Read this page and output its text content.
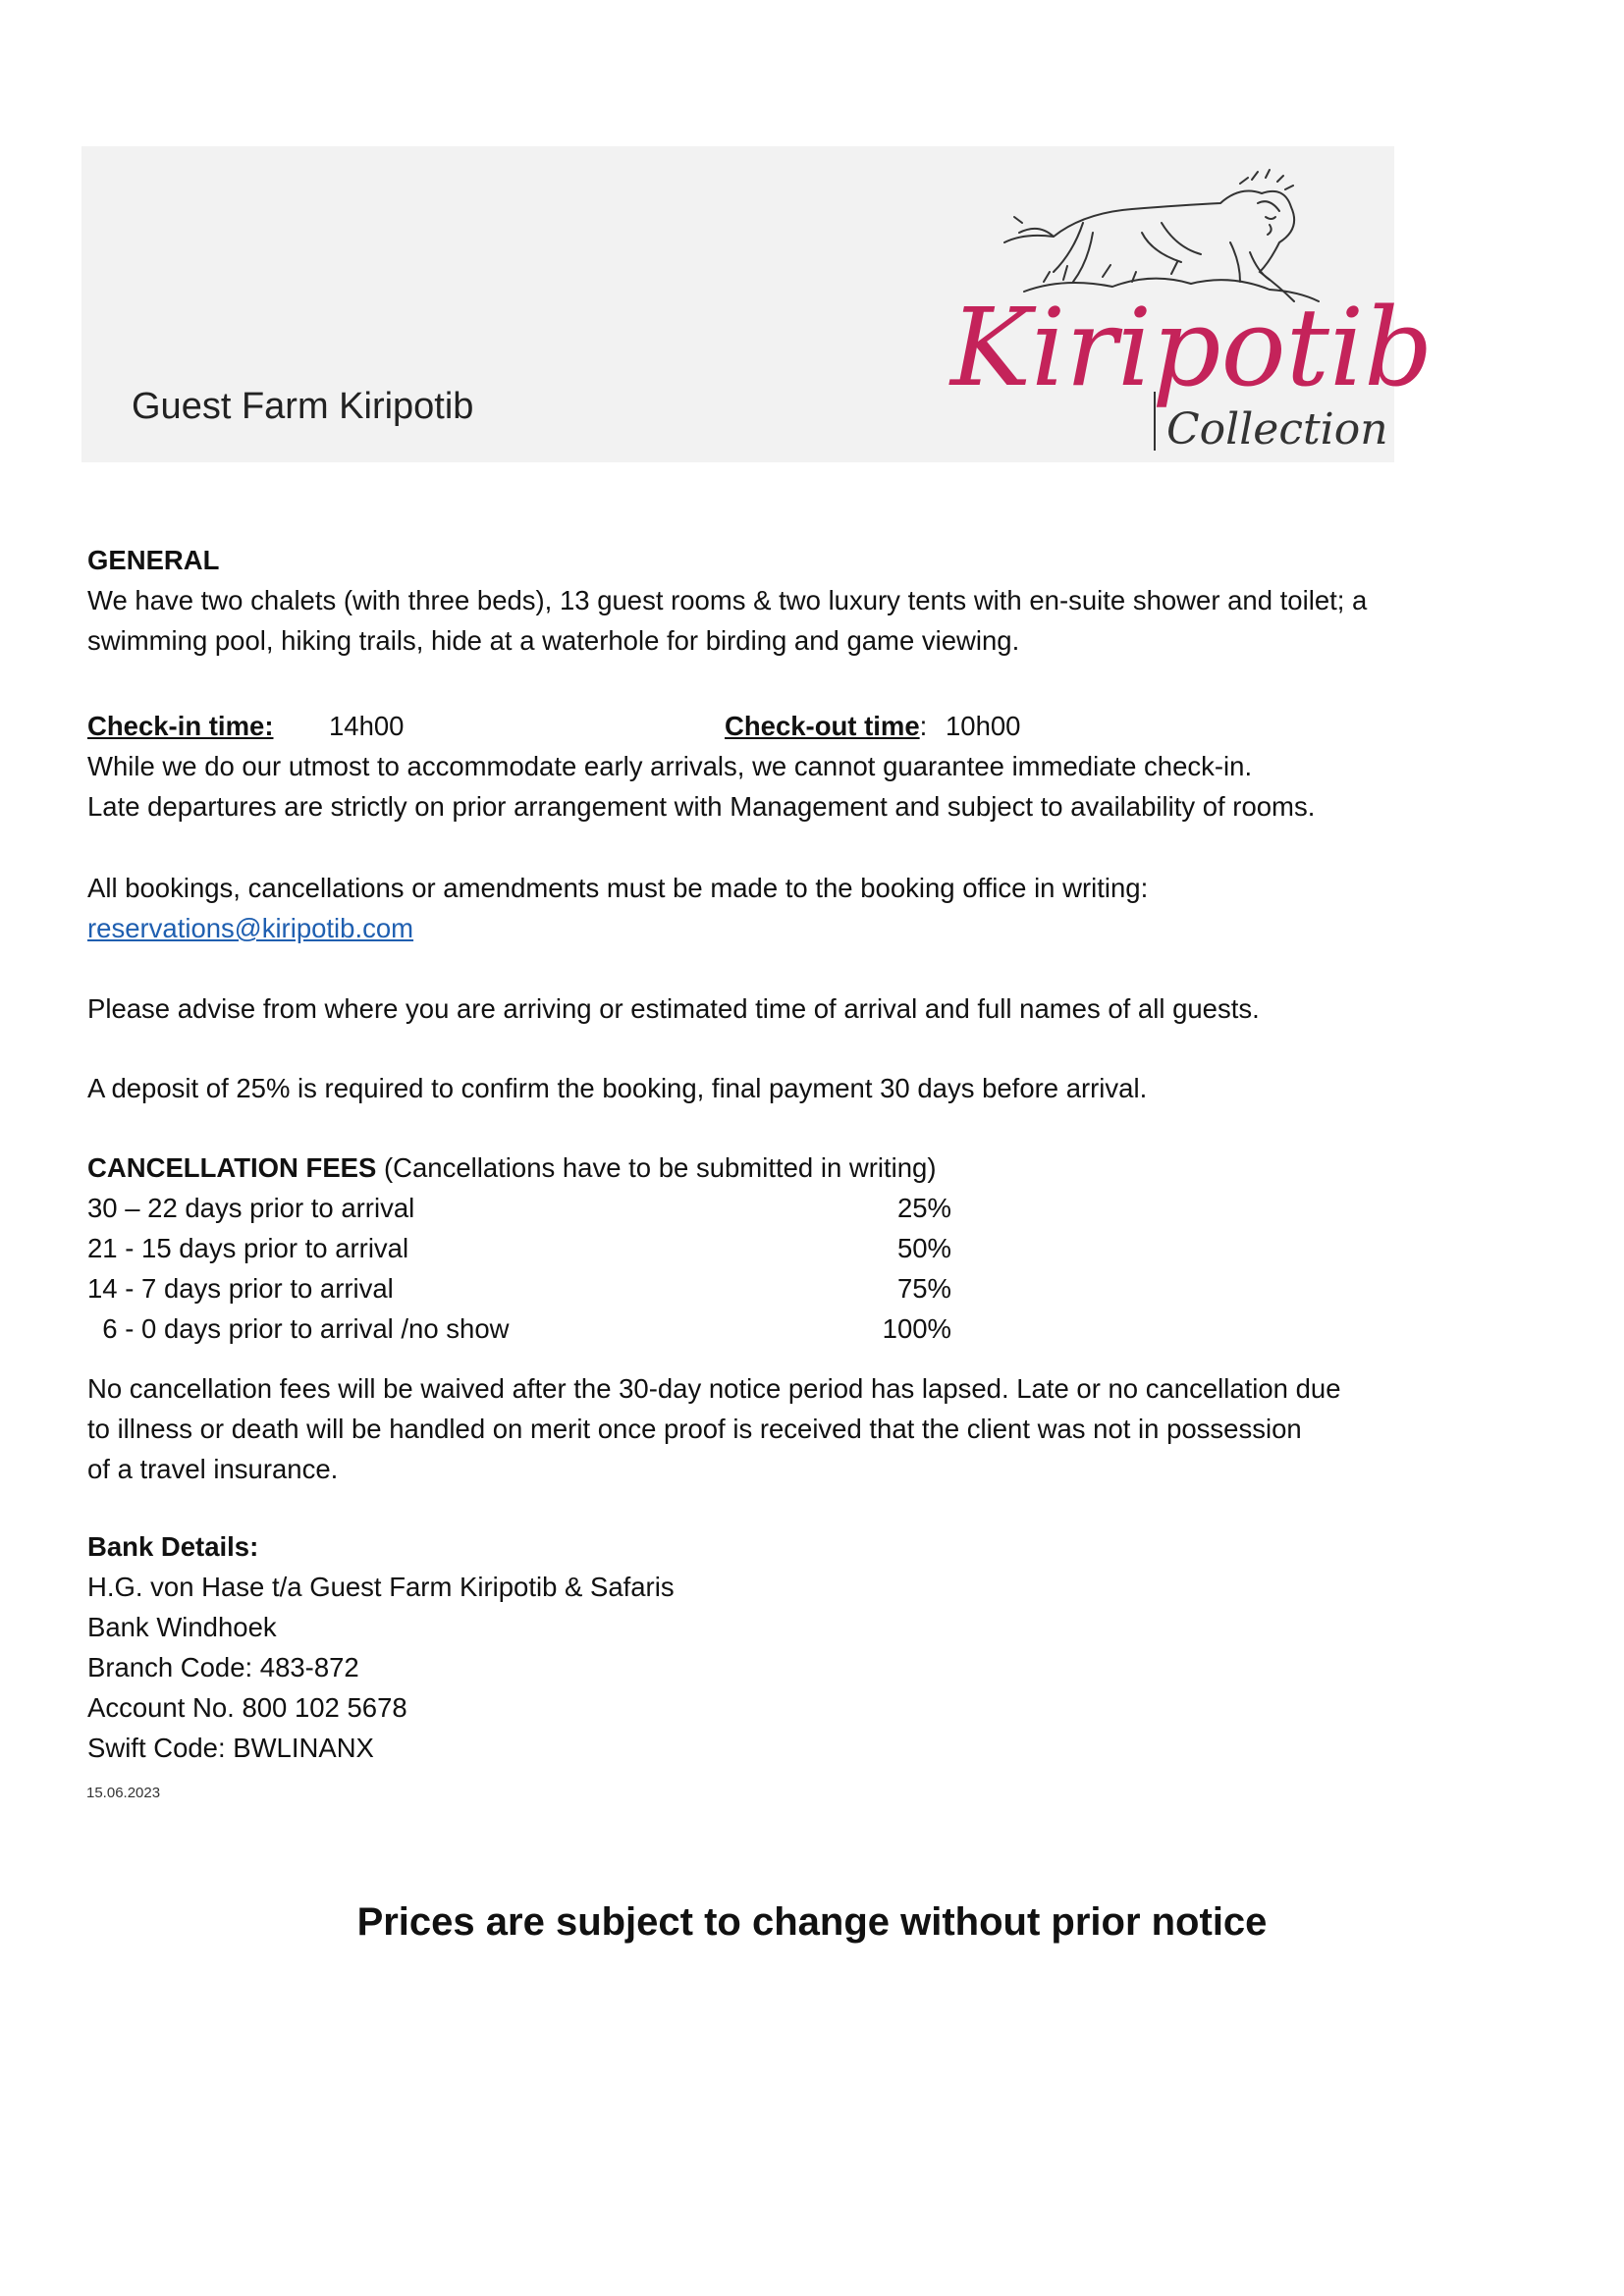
Guest Farm Kiripotib	Kiripotib
Collection
GENERAL
We have two chalets (with three beds), 13 guest rooms & two luxury tents with en-suite shower and toilet; a
swimming pool, hiking trails, hide at a waterhole for birding and game viewing.
Check-in time: 14h00	Check-out time: 10h00
While we do our utmost to accommodate early arrivals, we cannot guarantee immediate check-in.
Late departures are strictly on prior arrangement with Management and subject to availability of rooms.
All bookings, cancellations or amendments must be made to the booking office in writing:
reservations@kiripotib.com
Please advise from where you are arriving or estimated time of arrival and full names of all guests.
A deposit of 25% is required to confirm the booking, final payment 30 days before arrival.
CANCELLATION FEES (Cancellations have to be submitted in writing)
30 – 22 days prior to arrival	25%
21 - 15 days prior to arrival	50%
14 - 7 days prior to arrival	75%
6 - 0 days prior to arrival /no show	100%
No cancellation fees will be waived after the 30-day notice period has lapsed. Late or no cancellation due
to illness or death will be handled on merit once proof is received that the client was not in possession
of a travel insurance.
Bank Details:
H.G. von Hase t/a Guest Farm Kiripotib & Safaris
Bank Windhoek
Branch Code: 483-872
Account No. 800 102 5678
Swift Code: BWLINANX
15.06.2023
Prices are subject to change without prior notice
